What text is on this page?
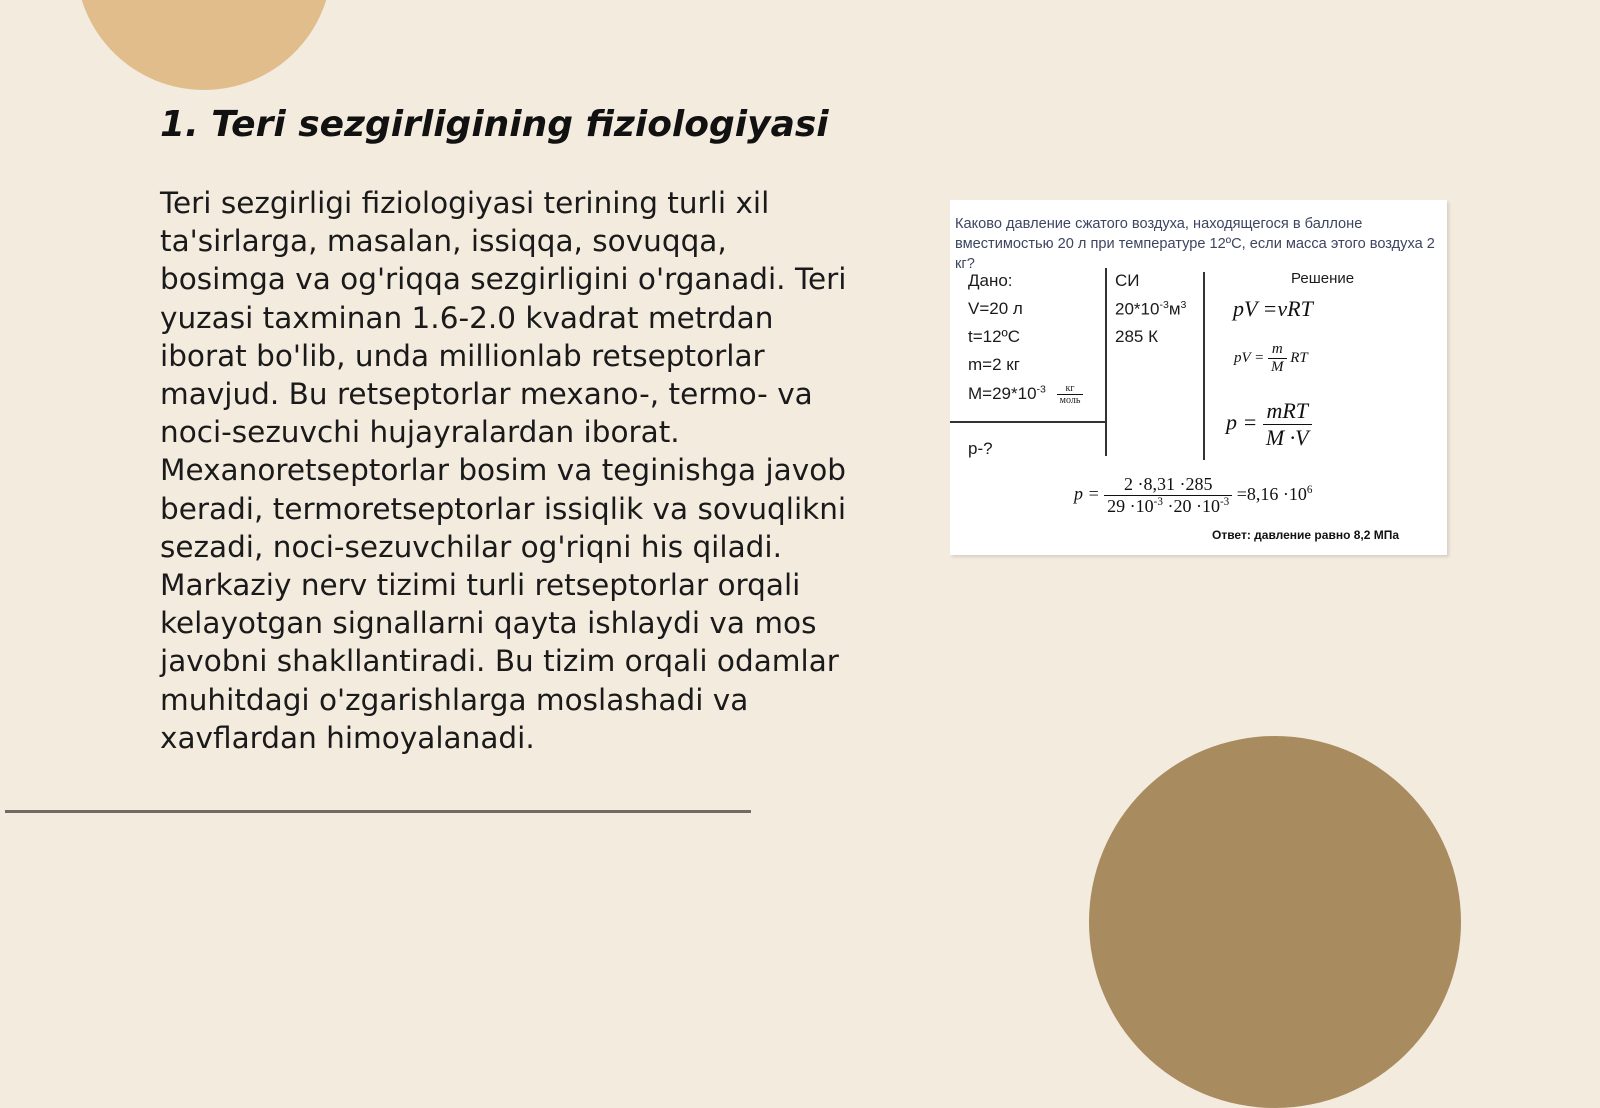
1. Teri sezgirligining fiziologiyasi

Teri sezgirligi fiziologiyasi terining turli xil ta'sirlarga, masalan, issiqqa, sovuqqa, bosimga va og'riqqa sezgirligini o'rganadi. Teri yuzasi taxminan 1.6-2.0 kvadrat metrdan iborat bo'lib, unda millionlab retseptorlar mavjud. Bu retseptorlar mexano-, termo- va noci-sezuvchi hujayralardan iborat. Mexanoretseptorlar bosim va teginishga javob beradi, termoretseptorlar issiqlik va sovuqlikni sezadi, noci-sezuvchilar og'riqni his qiladi. Markaziy nerv tizimi turli retseptorlar orqali kelayotgan signallarni qayta ishlaydi va mos javobni shakllantiradi. Bu tizim orqali odamlar muhitdagi o'zgarishlarga moslashadi va xavflardan himoyalanadi.

Каково давление сжатого воздуха, находящегося в баллоне вместимостью 20 л при температуре 12ºС, если масса этого воздуха 2 кг?
Дано:
V=20 л
t=12ºC
m=2 кг
$M=29*10^{-3} \frac{кг}{\text{моль}}$
p-?
СИ
$20*10^{-3}м^3$
285 К
Решение
pV =νRT
pV = $\frac{m}{M}$ RT
$p = \frac{\text{mRT}}{M \cdot V}$
$p = \frac{2 \cdot 8,31 \cdot 285}{29 \cdot 10^{-3} \cdot 20 \cdot 10^{-3}} =8,16 \cdot 10^6$
Ответ: давление равно 8,2 МПа
